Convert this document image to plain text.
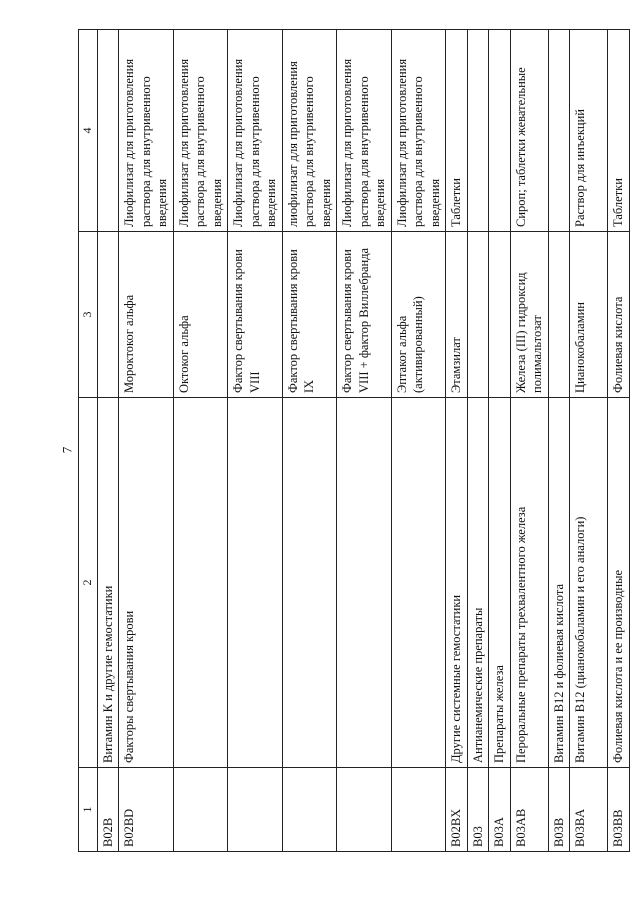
7
1	2	3	4
B02B	Витамин К и другие гемостатики		
B02BD	Факторы свертывания крови	Мороктоког альфа	Лиофилизат для приготовления раствора для внутривенного введения
		Октоког альфа	Лиофилизат для приготовления раствора для внутривенного введения
		Фактор свертывания крови VIII	Лиофилизат для приготовления раствора для внутривенного введения
		Фактор свертывания крови IX	лиофилизат для приготовления раствора для внутривенного введения
		Фактор свертывания крови VIII + фактор Виллебранда	Лиофилизат для приготовления раствора для внутривенного введения
		Эптаког альфа (активированный)	Лиофилизат для приготовления раствора для внутривенного введения
B02BX	Другие системные гемостатики	Этамзилат	Таблетки
B03	Антианемические препараты		
B03A	Препараты железа		
B03AB	Пероральные препараты трехвалентного железа	Железа (III) гидроксид полимальтозат	Сироп; таблетки жевательные
B03B	Витамин B12 и фолиевая кислота		
B03BA	Витамин B12 (цианокобаламин и его аналоги)	Цианокобаламин	Раствор для инъекций
B03BB	Фолиевая кислота и ее производные	Фолиевая кислота	Таблетки
